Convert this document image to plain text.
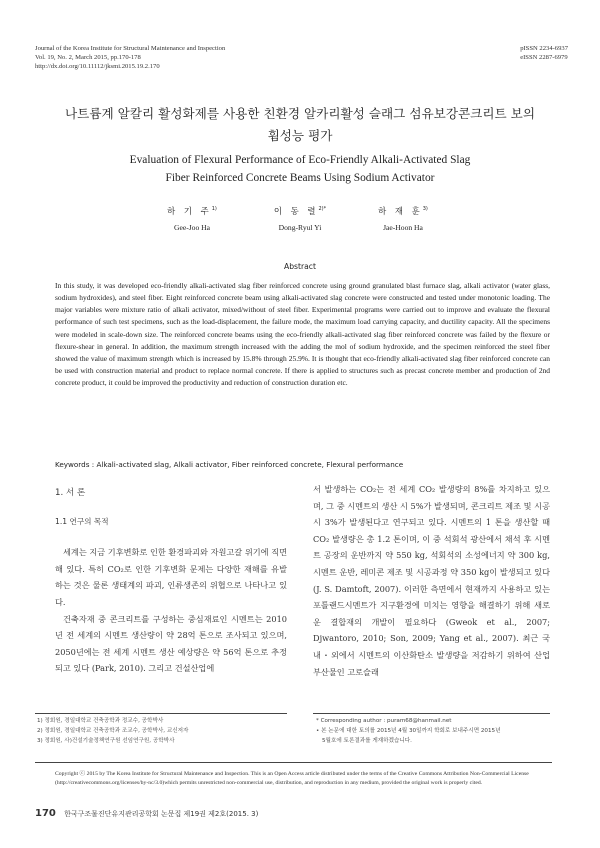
Journal of the Korea Institute for Structural Maintenance and Inspection
Vol. 19, No. 2, March 2015, pp.170-178
http://dx.doi.org/10.11112/jksmi.2015.19.2.170
pISSN 2234-6937
eISSN 2287-6979
나트륨계 알칼리 활성화제를 사용한 친환경 알카리활성 슬래그 섬유보강콘크리트 보의
휨성능 평가
Evaluation of Flexural Performance of Eco-Friendly Alkali-Activated Slag
Fiber Reinforced Concrete Beams Using Sodium Activator
하 기 주$^{1)}$
Gee-Joo Ha
이 동 렬$^{2)*}$
Dong-Ryul Yi
하 재 훈$^{3)}$
Jae-Hoon Ha
Abstract
In this study, it was developed eco-friendly alkali-activated slag fiber reinforced concrete using ground granulated blast furnace slag, alkali activator (water glass, sodium hydroxides), and steel fiber. Eight reinforced concrete beam using alkali-activated slag concrete were constructed and tested under monotonic loading. The major variables were mixture ratio of alkali activator, mixed/without of steel fiber. Experimental programs were carried out to improve and evaluate the flexural performance of such test specimens, such as the load-displacement, the failure mode, the maximum load carrying capacity, and ductility capacity. All the specimens were modeled in scale-down size. The reinforced concrete beams using the eco-friendly alkali-activated slag fiber reinforced concrete was failed by the flexure or flexure-shear in general. In addition, the maximum strength increased with the adding the mol of sodium hydroxide, and the specimen reinforced the steel fiber showed the value of maximum strength which is increased by 15.8% through 25.9%. It is thought that eco-friendly alkali-activated slag fiber reinforced concrete can be used with construction material and product to replace normal concrete. If there is applied to structures such as precast concrete member and production of 2nd concrete product, it could be improved the productivity and reduction of construction duration etc.
Keywords : Alkali-activated slag, Alkali activator, Fiber reinforced concrete, Flexural performance
1. 서 론
1.1 연구의 목적
세계는 지금 기후변화로 인한 환경파괴와 자원고갈 위기에 직면해 있다. 특히 CO₂로 인한 기후변화 문제는 다양한 재해를 유발하는 것은 물론 생태계의 파괴, 인류생존의 위협으로 나타나고 있다.
건축자재 중 콘크리트를 구성하는 중심재료인 시멘트는 2010년 전 세계의 시멘트 생산량이 약 28억 톤으로 조사되고 있으며, 2050년에는 전 세계 시멘트 생산 예상량은 약 56억 톤으로 추정되고 있다 (Park, 2010). 그리고 건설산업에
서 발생하는 CO₂는 전 세계 CO₂ 발생량의 8%를 차지하고 있으며, 그 중 시멘트의 생산 시 5%가 발생되며, 콘크리트 제조 및 시공 시 3%가 발생된다고 연구되고 있다. 시멘트의 1 톤을 생산할 때 CO₂ 발생량은 총 1.2 톤이며, 이 중 석회석 광산에서 채석 후 시멘트 공장의 운반까지 약 550 kg, 석회석의 소성에너지 약 300 kg, 시멘트 운반, 레미콘 제조 및 시공과정 약 350 kg이 발생되고 있다 (J. S. Damtoft, 2007). 이러한 측면에서 현재까지 사용하고 있는 포틀랜드시멘트가 지구환경에 미치는 영향을 해결하기 위해 새로운 결합재의 개발이 필요하다 (Gweok et al., 2007; Djwantoro, 2010; Son, 2009; Yang et al., 2007). 최근 국내・외에서 시멘트의 이산화탄소 발생량을 저감하기 위하여 산업부산물인 고로슬래
1) 정회원, 경일대학교 건축공학과 정교수, 공학박사
2) 정회원, 경일대학교 건축공학과 조교수, 공학박사, 교신저자
3) 정회원, 사)건설기술정책연구원 선임연구원, 공학박사
* Corresponding author : puram68@hanmail.net
• 본 논문에 대한 토의를 2015년 4월 30일까지 학회로 보내주시면 2015년
5월호에 토론결과를 게재하겠습니다.
Copyright ⓒ 2015 by The Korea Institute for Structural Maintenance and Inspection. This is an Open Access article distributed under the terms of the Creative Commons Attribution Non-Commercial License (http://creativecommons.org/licenses/by-nc/3.0)which permits unrestricted non-commercial use, distribution, and reproduction in any medium, provided the original work is properly cited.
170 한국구조물진단유지관리공학회 논문집 제19권 제2호(2015. 3)
